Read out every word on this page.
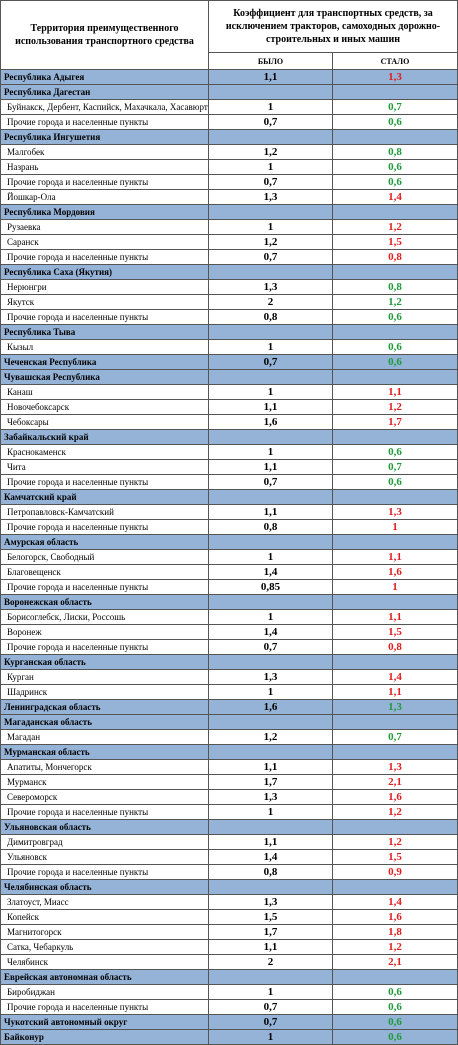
Территория преимущественного использования транспортного средства	Коэффициент для транспортных средств, за исключением тракторов, самоходных дорожно-строительных и иных машин	
	БЫЛО	СТАЛО
Республика Адыгея	1,1	1,3
Республика Дагестан		
Буйнакск, Дербент, Каспийск, Махачкала, Хасавюрт	1	0,7
Прочие города и населенные пункты	0,7	0,6
Республика Ингушетия		
Малгобек	1,2	0,8
Назрань	1	0,6
Прочие города и населенные пункты	0,7	0,6
Йошкар-Ола	1,3	1,4
Республика Мордовия		
Рузаевка	1	1,2
Саранск	1,2	1,5
Прочие города и населенные пункты	0,7	0,8
Республика Саха (Якутия)		
Нерюнгри	1,3	0,8
Якутск	2	1,2
Прочие города и населенные пункты	0,8	0,6
Республика Тыва		
Кызыл	1	0,6
Чеченская Республика	0,7	0,6
Чувашская Республика		
Канаш	1	1,1
Новочебоксарск	1,1	1,2
Чебоксары	1,6	1,7
Забайкальский край		
Краснокаменск	1	0,6
Чита	1,1	0,7
Прочие города и населенные пункты	0,7	0,6
Камчатский край		
Петропавловск-Камчатский	1,1	1,3
Прочие города и населенные пункты	0,8	1
Амурская область		
Белогорск, Свободный	1	1,1
Благовещенск	1,4	1,6
Прочие города и населенные пункты	0,85	1
Воронежская область		
Борисоглебск, Лиски, Россошь	1	1,1
Воронеж	1,4	1,5
Прочие города и населенные пункты	0,7	0,8
Курганская область		
Курган	1,3	1,4
Шадринск	1	1,1
Ленинградская область	1,6	1,3
Магаданская область		
Магадан	1,2	0,7
Мурманская область		
Апатиты, Мончегорск	1,1	1,3
Мурманск	1,7	2,1
Североморск	1,3	1,6
Прочие города и населенные пункты	1	1,2
Ульяновская область		
Димитровград	1,1	1,2
Ульяновск	1,4	1,5
Прочие города и населенные пункты	0,8	0,9
Челябинская область		
Златоуст, Миасс	1,3	1,4
Копейск	1,5	1,6
Магнитогорск	1,7	1,8
Сатка, Чебаркуль	1,1	1,2
Челябинск	2	2,1
Еврейская автономная область		
Биробиджан	1	0,6
Прочие города и населенные пункты	0,7	0,6
Чукотский автономный округ	0,7	0,6
Байконур	1	0,6
